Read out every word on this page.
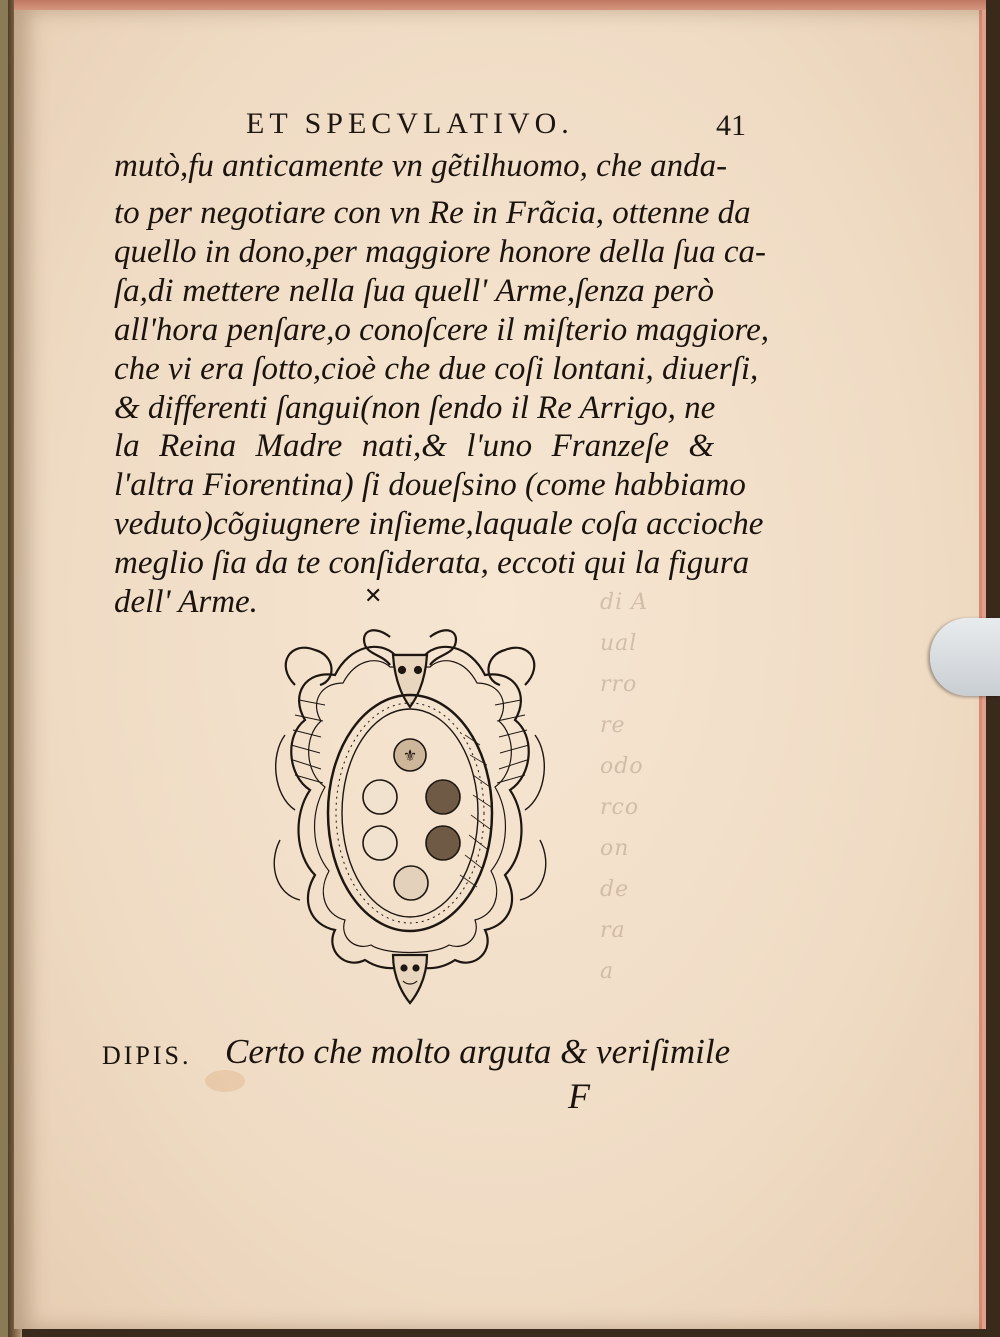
di A
ual
rro
re
odo
rco
on
de
ra
a

ET SPECVLATIVO.	41
mutò,fu anticamente vn gẽtilhuomo, che anda-
to per negotiare con vn Re in Frãcia, ottenne da
quello in dono,per maggiore honore della ſua ca-
ſa,di mettere nella ſua quell' Arme,ſenza però
all'hora penſare,o conoſcere il miſterio maggiore,
che vi era ſotto,cioè che due coſi lontani, diuerſi,
& differenti ſangui(non ſendo il Re Arrigo, ne
la Reina Madre nati,& l'uno Franzeſe &
l'altra Fiorentina) ſi doueſsino (come habbiamo
veduto)cõgiugnere inſieme,laquale coſa accioche
meglio ſia da te conſiderata, eccoti qui la figura
dell' Arme.	✕
⚜
DIPIS. Certo che molto arguta & veriſimile
F
